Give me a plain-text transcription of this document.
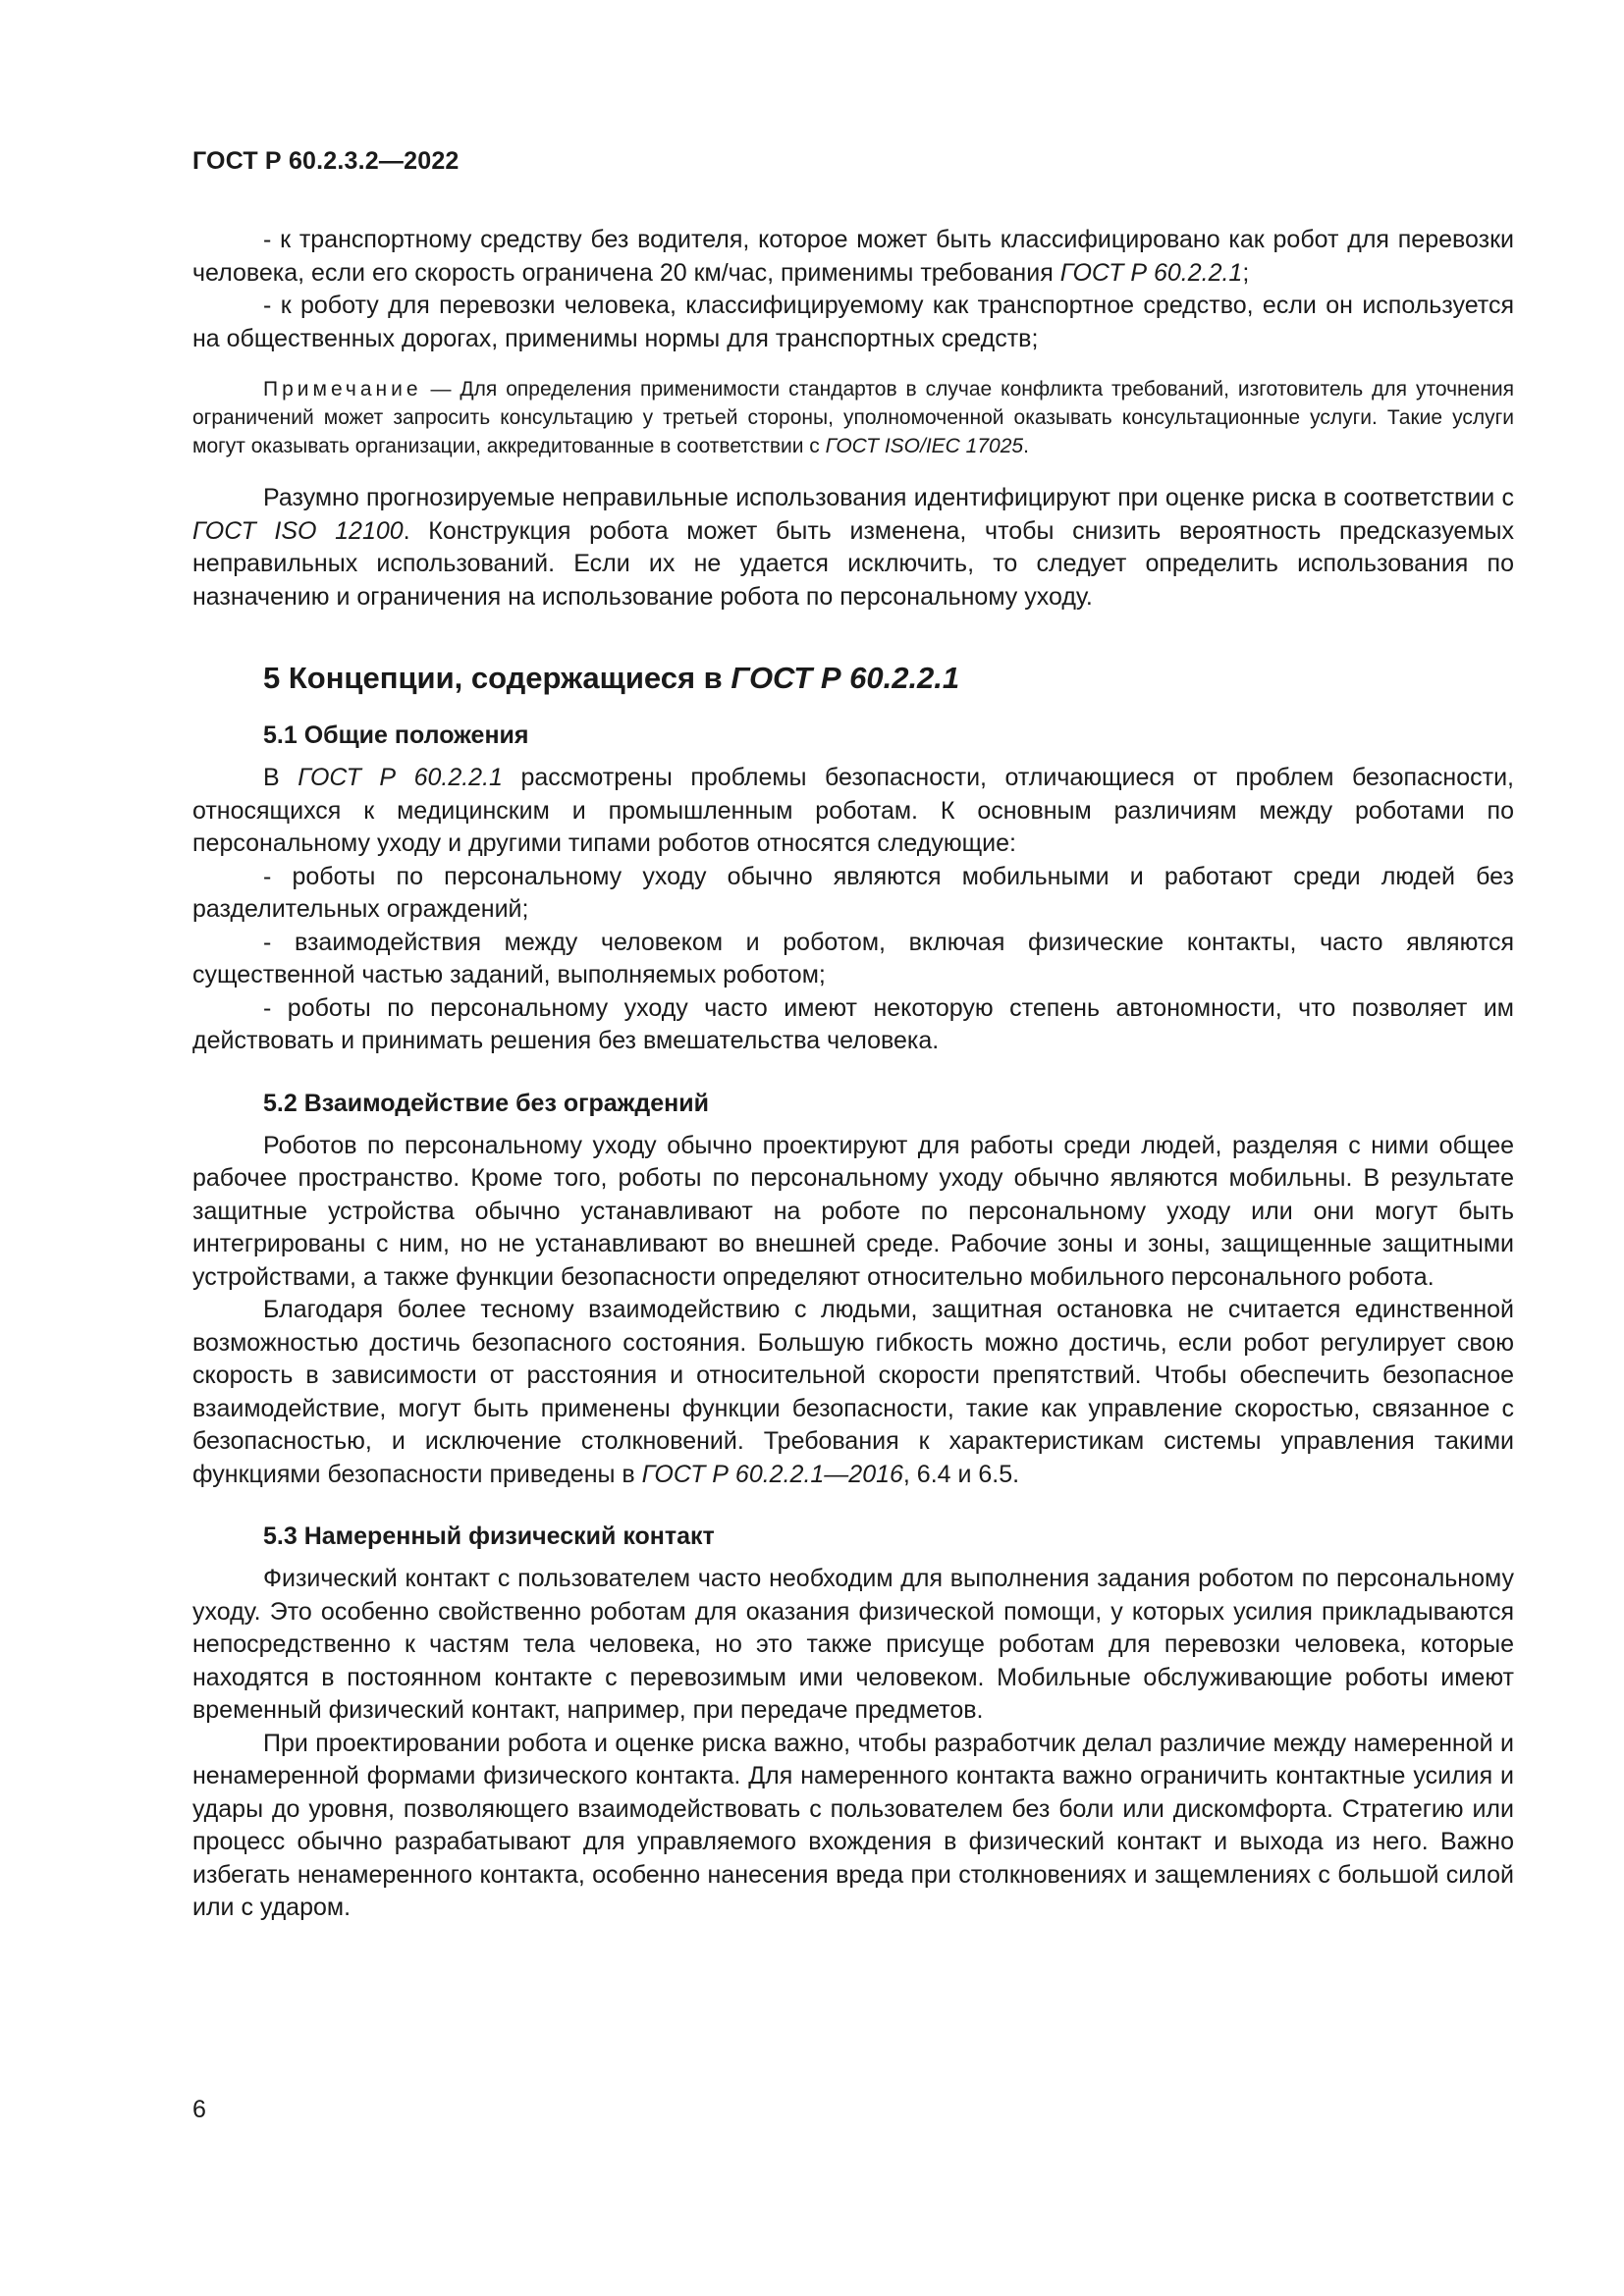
ГОСТ Р 60.2.3.2—2022

- к транспортному средству без водителя, которое может быть классифицировано как робот для перевозки человека, если его скорость ограничена 20 км/час, применимы требования ГОСТ Р 60.2.2.1;

- к роботу для перевозки человека, классифицируемому как транспортное средство, если он используется на общественных дорогах, применимы нормы для транспортных средств;

Примечание — Для определения применимости стандартов в случае конфликта требований, изготовитель для уточнения ограничений может запросить консультацию у третьей стороны, уполномоченной оказывать консультационные услуги. Такие услуги могут оказывать организации, аккредитованные в соответствии с ГОСТ ISO/IEC 17025.

Разумно прогнозируемые неправильные использования идентифицируют при оценке риска в соответствии с ГОСТ ISO 12100. Конструкция робота может быть изменена, чтобы снизить вероятность предсказуемых неправильных использований. Если их не удается исключить, то следует определить использования по назначению и ограничения на использование робота по персональному уходу.

5 Концепции, содержащиеся в ГОСТ Р 60.2.2.1
5.1 Общие положения

В ГОСТ Р 60.2.2.1 рассмотрены проблемы безопасности, отличающиеся от проблем безопасности, относящихся к медицинским и промышленным роботам. К основным различиям между роботами по персональному уходу и другими типами роботов относятся следующие:

- роботы по персональному уходу обычно являются мобильными и работают среди людей без разделительных ограждений;

- взаимодействия между человеком и роботом, включая физические контакты, часто являются существенной частью заданий, выполняемых роботом;

- роботы по персональному уходу часто имеют некоторую степень автономности, что позволяет им действовать и принимать решения без вмешательства человека.

5.2 Взаимодействие без ограждений

Роботов по персональному уходу обычно проектируют для работы среди людей, разделяя с ними общее рабочее пространство. Кроме того, роботы по персональному уходу обычно являются мобильны. В результате защитные устройства обычно устанавливают на роботе по персональному уходу или они могут быть интегрированы с ним, но не устанавливают во внешней среде. Рабочие зоны и зоны, защищенные защитными устройствами, а также функции безопасности определяют относительно мобильного персонального робота.

Благодаря более тесному взаимодействию с людьми, защитная остановка не считается единственной возможностью достичь безопасного состояния. Большую гибкость можно достичь, если робот регулирует свою скорость в зависимости от расстояния и относительной скорости препятствий. Чтобы обеспечить безопасное взаимодействие, могут быть применены функции безопасности, такие как управление скоростью, связанное с безопасностью, и исключение столкновений. Требования к характеристикам системы управления такими функциями безопасности приведены в ГОСТ Р 60.2.2.1—2016, 6.4 и 6.5.

5.3 Намеренный физический контакт

Физический контакт с пользователем часто необходим для выполнения задания роботом по персональному уходу. Это особенно свойственно роботам для оказания физической помощи, у которых усилия прикладываются непосредственно к частям тела человека, но это также присуще роботам для перевозки человека, которые находятся в постоянном контакте с перевозимым ими человеком. Мобильные обслуживающие роботы имеют временный физический контакт, например, при передаче предметов.

При проектировании робота и оценке риска важно, чтобы разработчик делал различие между намеренной и ненамеренной формами физического контакта. Для намеренного контакта важно ограничить контактные усилия и удары до уровня, позволяющего взаимодействовать с пользователем без боли или дискомфорта. Стратегию или процесс обычно разрабатывают для управляемого вхождения в физический контакт и выхода из него. Важно избегать ненамеренного контакта, особенно нанесения вреда при столкновениях и защемлениях с большой силой или с ударом.

6
